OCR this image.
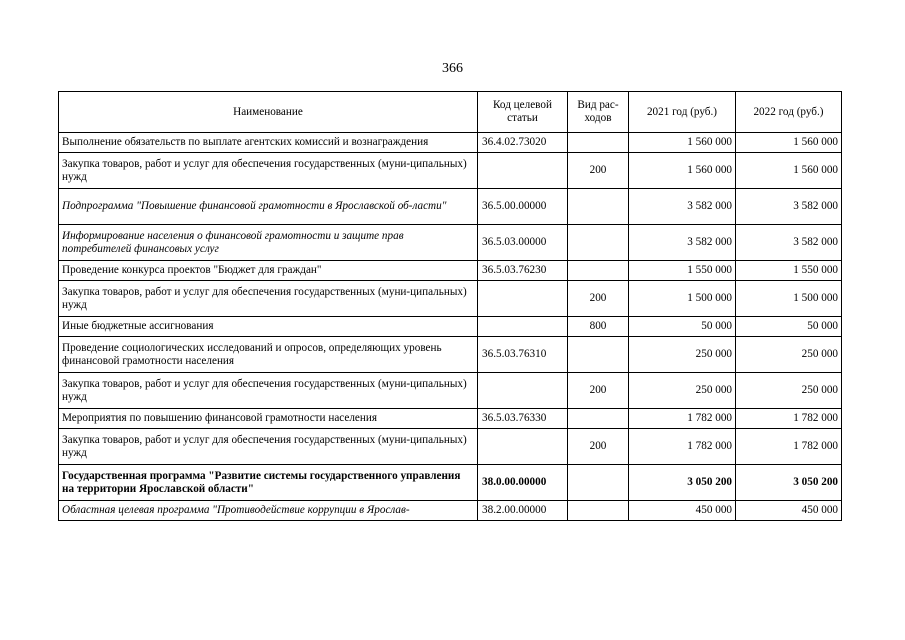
366
Наименование	Код целевой статьи	Вид рас- ходов	2021 год (руб.)	2022 год (руб.)
Выполнение обязательств по выплате агентских комиссий и вознаграждения	36.4.02.73020		1 560 000	1 560 000
Закупка товаров, работ и услуг для обеспечения государственных (муни-ципальных) нужд		200	1 560 000	1 560 000
Подпрограмма "Повышение финансовой грамотности в Ярославской об-ласти"	36.5.00.00000		3 582 000	3 582 000
Информирование населения о финансовой грамотности и защите прав потребителей финансовых услуг	36.5.03.00000		3 582 000	3 582 000
Проведение конкурса проектов "Бюджет для граждан"	36.5.03.76230		1 550 000	1 550 000
Закупка товаров, работ и услуг для обеспечения государственных (муни-ципальных) нужд		200	1 500 000	1 500 000
Иные бюджетные ассигнования		800	50 000	50 000
Проведение социологических исследований и опросов, определяющих уровень финансовой грамотности населения	36.5.03.76310		250 000	250 000
Закупка товаров, работ и услуг для обеспечения государственных (муни-ципальных) нужд		200	250 000	250 000
Мероприятия по повышению финансовой грамотности населения	36.5.03.76330		1 782 000	1 782 000
Закупка товаров, работ и услуг для обеспечения государственных (муни-ципальных) нужд		200	1 782 000	1 782 000
Государственная программа "Развитие системы государственного управления на территории Ярославской области"	38.0.00.00000		3 050 200	3 050 200
Областная целевая программа "Противодействие коррупции в Ярослав-	38.2.00.00000		450 000	450 000
